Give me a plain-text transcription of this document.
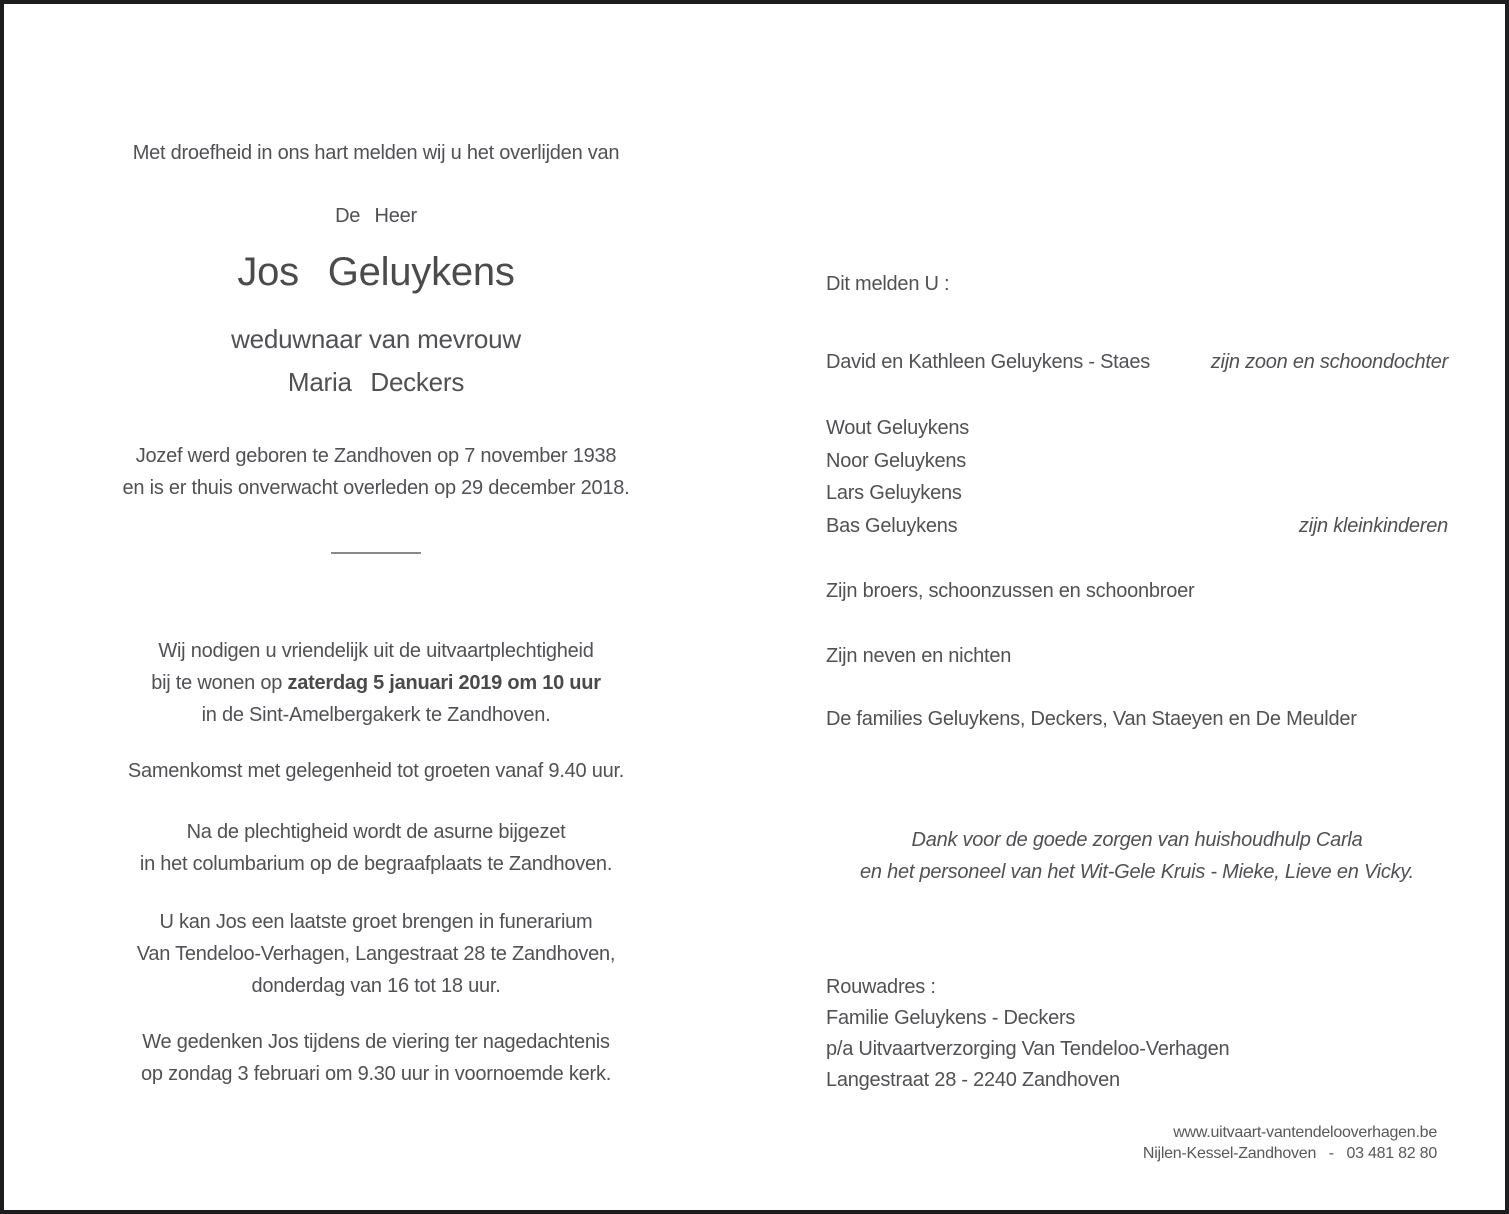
Met droefheid in ons hart melden wij u het overlijden van
De Heer
Jos Geluykens
weduwnaar van mevrouw
Maria Deckers
Jozef werd geboren te Zandhoven op 7 november 1938
en is er thuis onverwacht overleden op 29 december 2018.
Wij nodigen u vriendelijk uit de uitvaartplechtigheid
bij te wonen op zaterdag 5 januari 2019 om 10 uur
in de Sint-Amelbergakerk te Zandhoven.
Samenkomst met gelegenheid tot groeten vanaf 9.40 uur.
Na de plechtigheid wordt de asurne bijgezet
in het columbarium op de begraafplaats te Zandhoven.
U kan Jos een laatste groet brengen in funerarium
Van Tendeloo-Verhagen, Langestraat 28 te Zandhoven,
donderdag van 16 tot 18 uur.
We gedenken Jos tijdens de viering ter nagedachtenis
op zondag 3 februari om 9.30 uur in voornoemde kerk.
Dit melden U :
David en Kathleen Geluykens - Staes	zijn zoon en schoondochter
Wout Geluykens
Noor Geluykens
Lars Geluykens
Bas Geluykens	zijn kleinkinderen
Zijn broers, schoonzussen en schoonbroer
Zijn neven en nichten
De families Geluykens, Deckers, Van Staeyen en De Meulder
Dank voor de goede zorgen van huishoudhulp Carla
en het personeel van het Wit-Gele Kruis - Mieke, Lieve en Vicky.
Rouwadres :
Familie Geluykens - Deckers
p/a Uitvaartverzorging Van Tendeloo-Verhagen
Langestraat 28 - 2240 Zandhoven
www.uitvaart-vantendelooverhagen.be
Nijlen-Kessel-Zandhoven   -   03 481 82 80
